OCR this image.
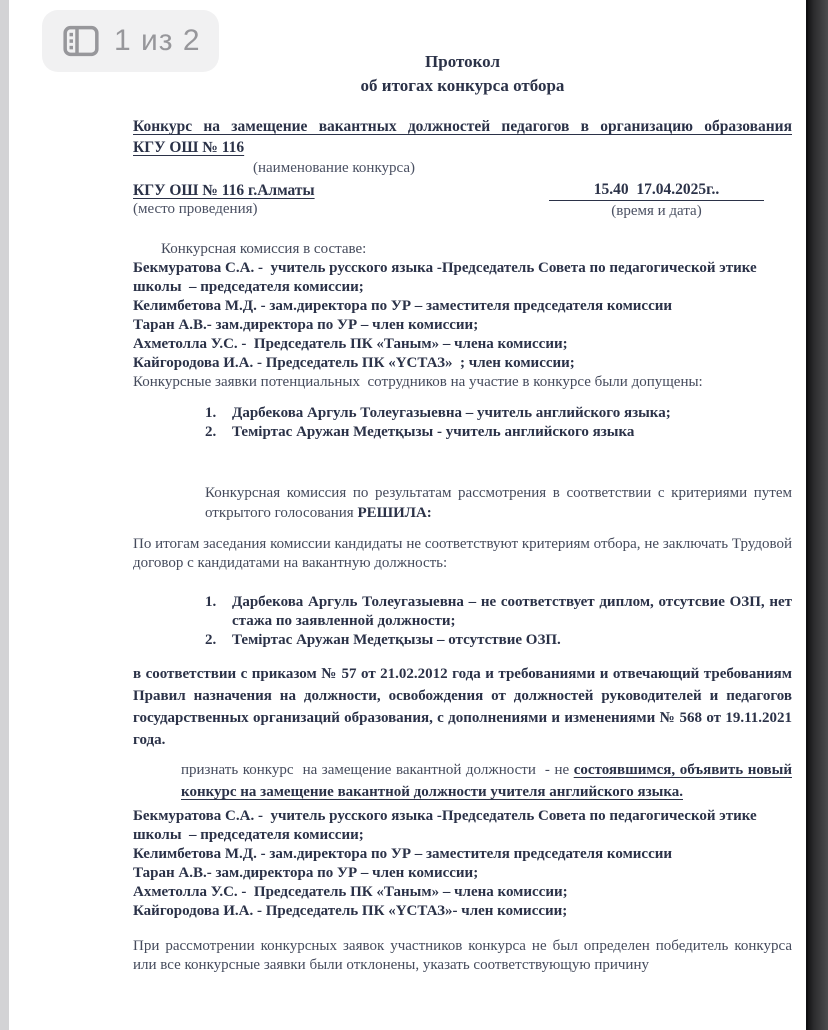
Протокол
об итогах конкурса отбора
Конкурс на замещение вакантных должностей педагогов в организацию образования
КГУ ОШ № 116
(наименование конкурса)
КГУ ОШ № 116 г.Алматы
(место проведения)
15.40  17.04.2025г..
(время и дата)
Конкурсная комиссия в составе:
Бекмуратова С.А. -  учитель русского языка -Председатель Совета по педагогической этике школы  – председателя комиссии;
Келимбетова М.Д. - зам.директора по УР – заместителя председателя комиссии
Таран А.В.- зам.директора по УР – член комиссии;
Ахметолла У.С. -  Председатель ПК «Таным» – члена комиссии;
Кайгородова И.А. - Председатель ПК «ҮСТАЗ»  ; член комиссии;
Конкурсные заявки потенциальных  сотрудников на участие в конкурсе были допущены:
1.	Дарбекова Аргуль Толеугазыевна – учитель английского языка;
2.	Теміртас Аружан Медетқызы - учитель английского языка

Конкурсная комиссия по результатам рассмотрения в соответствии с критериями путем открытого голосования РЕШИЛА:

По итогам заседания комиссии кандидаты не соответствуют критериям отбора, не заключать Трудовой договор с кандидатами на вакантную должность:

1.	Дарбекова Аргуль Толеугазыевна – не соответствует диплом, отсутсвие ОЗП, нет стажа по заявленной должности;
2.	Теміртас Аружан Медетқызы – отсутствие ОЗП.

в соответствии с приказом № 57 от 21.02.2012 года и требованиями и отвечающий требованиям Правил назначения на должности, освобождения от должностей руководителей и педагогов государственных организаций образования, с дополнениями и изменениями № 568 от 19.11.2021 года.

признать конкурс  на замещение вакантной должности  - не состоявшимся, объявить новый конкурс на замещение вакантной должности учителя английского языка.

Бекмуратова С.А. -  учитель русского языка -Председатель Совета по педагогической этике школы  – председателя комиссии;
Келимбетова М.Д. - зам.директора по УР – заместителя председателя комиссии
Таран А.В.- зам.директора по УР – член комиссии;
Ахметолла У.С. -  Председатель ПК «Таным» – члена комиссии;
Кайгородова И.А. - Председатель ПК «ҮСТАЗ»- член комиссии;

При рассмотрении конкурсных заявок участников конкурса не был определен победитель конкурса или все конкурсные заявки были отклонены, указать соответствующую причину

1 из 2
